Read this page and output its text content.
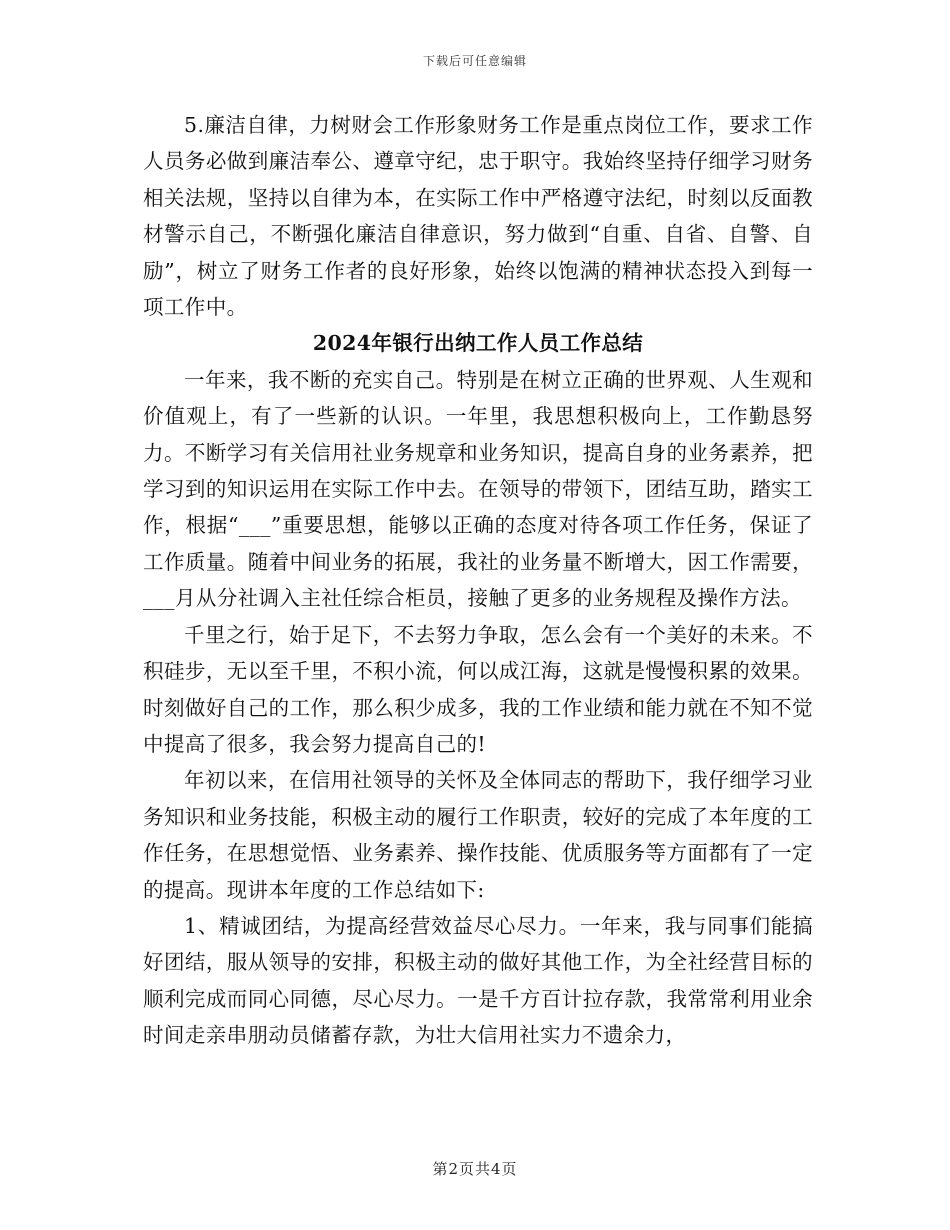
下载后可任意编辑

5.廉洁自律，力树财会工作形象财务工作是重点岗位工作，要求工作人员务必做到廉洁奉公、遵章守纪，忠于职守。我始终坚持仔细学习财务相关法规，坚持以自律为本，在实际工作中严格遵守法纪，时刻以反面教材警示自己，不断强化廉洁自律意识，努力做到“自重、自省、自警、自励”，树立了财务工作者的良好形象，始终以饱满的精神状态投入到每一项工作中。

2024年银行出纳工作人员工作总结

一年来，我不断的充实自己。特别是在树立正确的世界观、人生观和价值观上，有了一些新的认识。一年里，我思想积极向上，工作勤恳努力。不断学习有关信用社业务规章和业务知识，提高自身的业务素养，把学习到的知识运用在实际工作中去。在领导的带领下，团结互助，踏实工作，根据“___”重要思想，能够以正确的态度对待各项工作任务，保证了工作质量。随着中间业务的拓展，我社的业务量不断增大，因工作需要，___月从分社调入主社任综合柜员，接触了更多的业务规程及操作方法。

千里之行，始于足下，不去努力争取，怎么会有一个美好的未来。不积硅步，无以至千里，不积小流，何以成江海，这就是慢慢积累的效果。时刻做好自己的工作，那么积少成多，我的工作业绩和能力就在不知不觉中提高了很多，我会努力提高自己的!

年初以来，在信用社领导的关怀及全体同志的帮助下，我仔细学习业务知识和业务技能，积极主动的履行工作职责，较好的完成了本年度的工作任务，在思想觉悟、业务素养、操作技能、优质服务等方面都有了一定的提高。现讲本年度的工作总结如下:

1、精诚团结，为提高经营效益尽心尽力。一年来，我与同事们能搞好团结，服从领导的安排，积极主动的做好其他工作，为全社经营目标的顺利完成而同心同德，尽心尽力。一是千方百计拉存款，我常常利用业余时间走亲串朋动员储蓄存款，为壮大信用社实力不遗余力，

第2页共4页
